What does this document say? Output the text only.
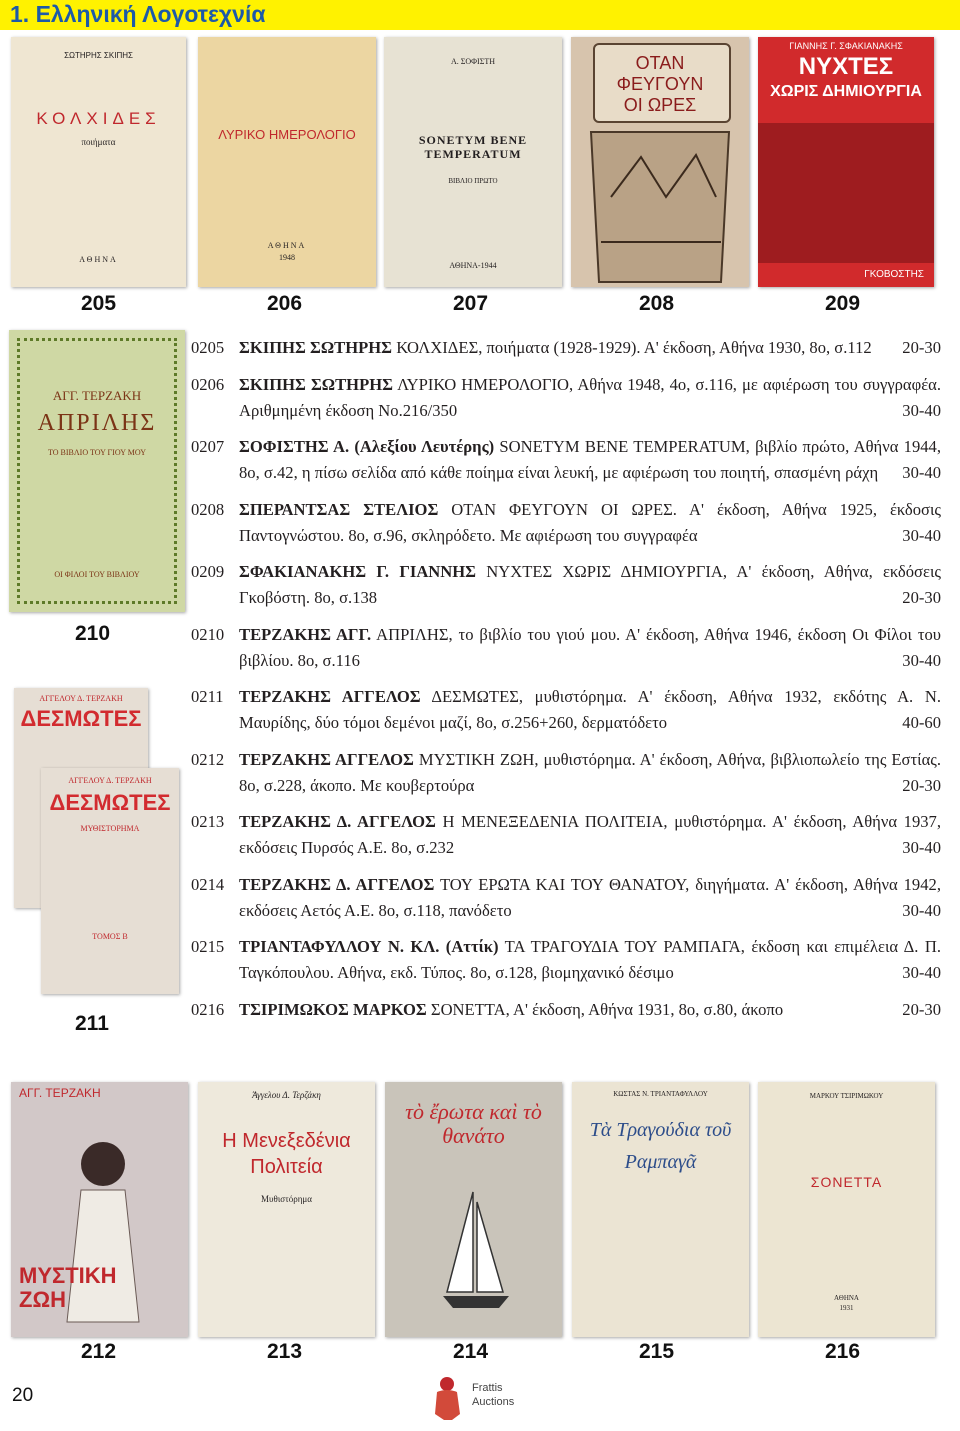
1. Ελληνική Λογοτεχνία
ΣΩΤΗΡΗΣ ΣΚΙΠΗΣ
ΚΟΛΧΙΔΕΣ
ποιήματα
ΑΘΗΝΑ
ΛΥΡΙΚΟ ΗΜΕΡΟΛΟΓΙΟ
ΑΘΗΝΑ
1948
Α. ΣΟΦΙΣΤΗ
SONETYM BENE TEMPERATUM
ΒΙΒΛΙΟ ΠΡΩΤΟ
ΑΘΗΝΑ-1944
ΟΤΑΝ ΦΕΥΓΟΥΝ ΟΙ ΩΡΕΣ
ΓΙΑΝΝΗΣ Γ. ΣΦΑΚΙΑΝΑΚΗΣ
ΝΥΧΤΕΣ
ΧΩΡΙΣ ΔΗΜΙΟΥΡΓΙΑ
ΓΚΟΒΟΣΤΗΣ
205	206	207	208	209
ΑΓΓ. ΤΕΡΖΑΚΗ
ΑΠΡΙΛΗΣ
ΤΟ ΒΙΒΛΙΟ ΤΟΥ ΓΙΟΥ ΜΟΥ
ΟΙ ΦΙΛΟΙ ΤΟΥ ΒΙΒΛΙΟΥ
210
ΑΓΓΕΛΟΥ Δ. ΤΕΡΖΑΚΗ
ΔΕΣΜΩΤΕΣ
ΑΓΓΕΛΟΥ Δ. ΤΕΡΖΑΚΗ
ΔΕΣΜΩΤΕΣ
ΜΥΘΙΣΤΟΡΗΜΑ
ΤΟΜΟΣ Β
211
0205 ΣΚΙΠΗΣ ΣΩΤΗΡΗΣ ΚΟΛΧΙΔΕΣ, ποιήματα (1928-1929). Α' έκδοση, Αθήνα 1930, 8ο, σ.112 20-30
0206 ΣΚΙΠΗΣ ΣΩΤΗΡΗΣ ΛΥΡΙΚΟ ΗΜΕΡΟΛΟΓΙΟ, Αθήνα 1948, 4ο, σ.116, με αφιέρωση του συγγραφέα. Αριθμημένη έκδοση Νο.216/350	30-40
0207 ΣΟΦΙΣΤΗΣ Α. (Αλεξίου Λευτέρης) SONETYM BENE TEMPERATUM, βιβλίο πρώτο, Αθήνα 1944, 8ο, σ.42, η πίσω σελίδα από κάθε ποίημα είναι λευκή, με αφιέρωση του ποιητή, σπασμένη ράχη 30-40
0208 ΣΠΕΡΑΝΤΣΑΣ ΣΤΕΛΙΟΣ ΟΤΑΝ ΦΕΥΓΟΥΝ ΟΙ ΩΡΕΣ. Α' έκδοση, Αθήνα 1925, έκδοσις Παντογνώστου. 8ο, σ.96, σκληρόδετο. Με αφιέρωση του συγγραφέα	30-40
0209 ΣΦΑΚΙΑΝΑΚΗΣ Γ. ΓΙΑΝΝΗΣ ΝΥΧΤΕΣ ΧΩΡΙΣ ΔΗΜΙΟΥΡΓΙΑ, Α' έκδοση, Αθήνα, εκδόσεις Γκοβόστη. 8ο, σ.138	20-30
0210 ΤΕΡΖΑΚΗΣ ΑΓΓ. ΑΠΡΙΛΗΣ, το βιβλίο του γιού μου. Α' έκδοση, Αθήνα 1946, έκδοση Οι Φίλοι του βιβλίου. 8ο, σ.116	30-40
0211 ΤΕΡΖΑΚΗΣ ΑΓΓΕΛΟΣ ΔΕΣΜΩΤΕΣ, μυθιστόρημα. Α' έκδοση, Αθήνα 1932, εκδότης Α. Ν. Μαυρίδης, δύο τόμοι δεμένοι μαζί, 8ο, σ.256+260, δερματόδετο	40-60
0212 ΤΕΡΖΑΚΗΣ ΑΓΓΕΛΟΣ ΜΥΣΤΙΚΗ ΖΩΗ, μυθιστόρημα. Α' έκδοση, Αθήνα, βιβλιοπωλείο της Εστίας. 8ο, σ.228, άκοπο. Με κουβερτούρα	20-30
0213 ΤΕΡΖΑΚΗΣ Δ. ΑΓΓΕΛΟΣ Η ΜΕΝΕΞΕΔΕΝΙΑ ΠΟΛΙΤΕΙΑ, μυθιστόρημα. Α' έκδοση, Αθήνα 1937, εκδόσεις Πυρσός Α.Ε. 8ο, σ.232	30-40
0214 ΤΕΡΖΑΚΗΣ Δ. ΑΓΓΕΛΟΣ ΤΟΥ ΕΡΩΤΑ ΚΑΙ ΤΟΥ ΘΑΝΑΤΟΥ, διηγήματα. Α' έκδοση, Αθήνα 1942, εκδόσεις Αετός Α.Ε. 8ο, σ.118, πανόδετο	30-40
0215 ΤΡΙΑΝΤΑΦΥΛΛΟΥ Ν. ΚΛ. (Αττίκ) ΤΑ ΤΡΑΓΟΥΔΙΑ ΤΟΥ ΡΑΜΠΑΓΑ, έκδοση και επιμέλεια Δ. Π. Ταγκόπουλου. Αθήνα, εκδ. Τύπος. 8ο, σ.128, βιομηχανικό δέσιμο	30-40
0216 ΤΣΙΡΙΜΩΚΟΣ ΜΑΡΚΟΣ ΣΟΝΕΤΤΑ, Α' έκδοση, Αθήνα 1931, 8ο, σ.80, άκοπο	20-30
ΑΓΓ. ΤΕΡΖΑΚΗ
ΜΥΣΤΙΚΗ ΖΩΗ
Άγγελου Δ. Τερζάκη
Η Μενεξεδένια Πολιτεία
Μυθιστόρημα
τὸ ἔρωτα καὶ τὸ θανάτο
ΚΩΣΤΑΣ Ν. ΤΡΙΑΝΤΑΦΥΛΛΟΥ
Τὰ Τραγούδια τοῦ Ραμπαγᾶ
ΜΑΡΚΟΥ ΤΣΙΡΙΜΩΚΟΥ
ΣΟΝΕΤΤΑ
ΑΘΗΝΑ
1931
212	213	214	215	216
20	Frattis
Auctions
